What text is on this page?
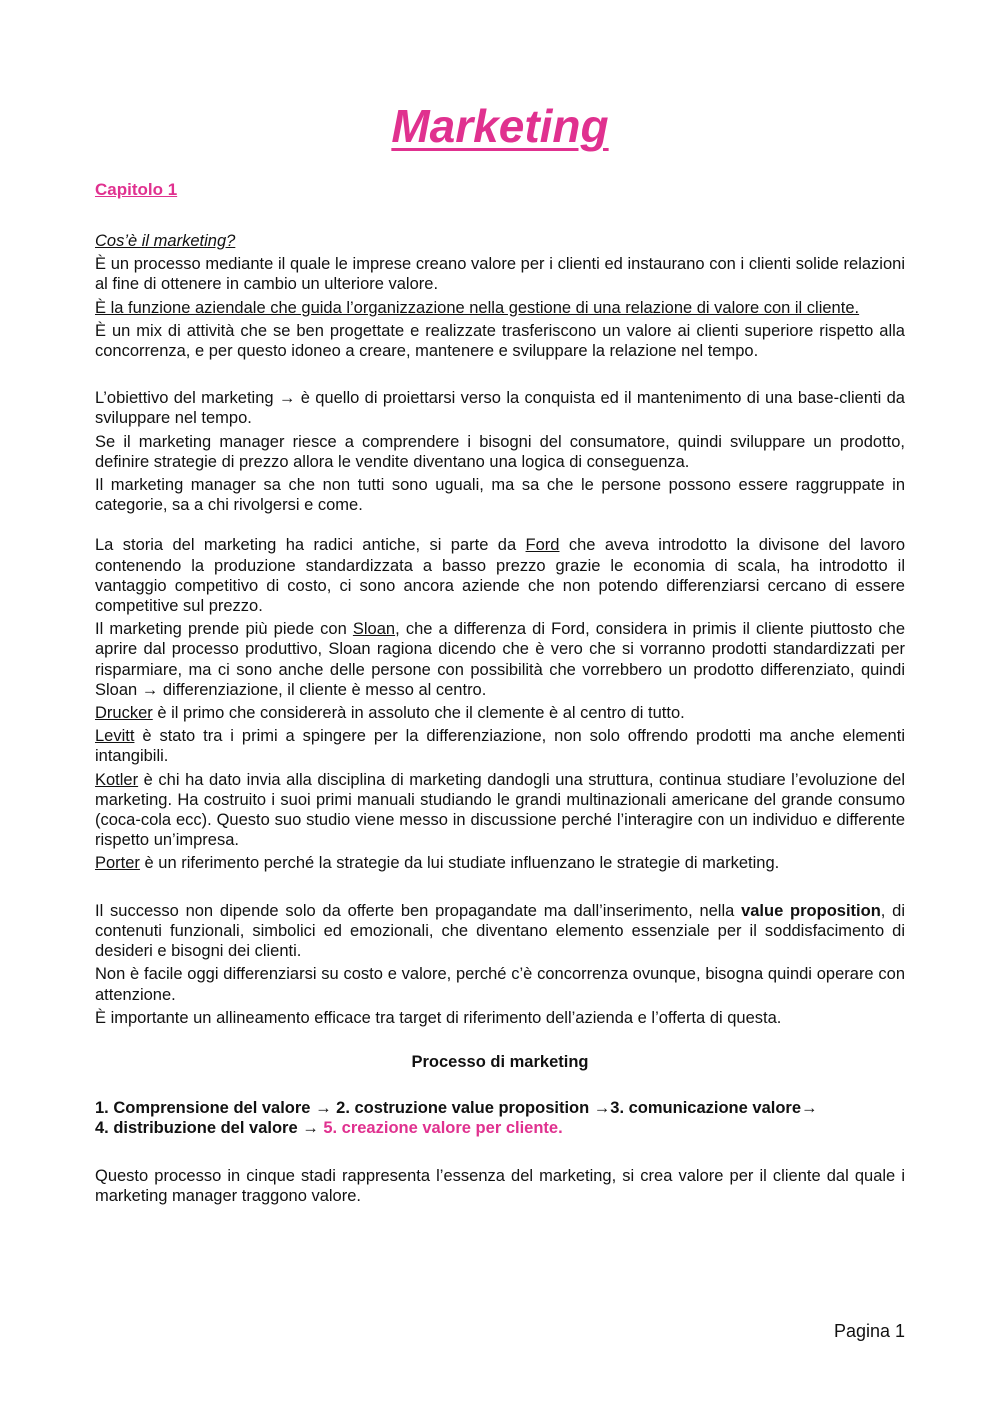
Marketing
Capitolo 1

Cos’è il marketing?

È un processo mediante il quale le imprese creano valore per i clienti ed instaurano con i clienti solide relazioni al fine di ottenere in cambio un ulteriore valore.

È la funzione aziendale che guida l’organizzazione nella gestione di una relazione di valore con il cliente.

È un mix di attività che se ben progettate e realizzate trasferiscono un valore ai clienti superiore rispetto alla concorrenza, e per questo idoneo a creare, mantenere e sviluppare la relazione nel tempo.

L’obiettivo del marketing → è quello di proiettarsi verso la conquista ed il mantenimento di una base-clienti da sviluppare nel tempo.

Se il marketing manager riesce a comprendere i bisogni del consumatore, quindi sviluppare un prodotto, definire strategie di prezzo allora le vendite diventano una logica di conseguenza.

Il marketing manager sa che non tutti sono uguali, ma sa che le persone possono essere raggruppate in categorie, sa a chi rivolgersi e come.

La storia del marketing ha radici antiche, si parte da Ford che aveva introdotto la divisone del lavoro contenendo la produzione standardizzata a basso prezzo grazie le economia di scala, ha introdotto il vantaggio competitivo di costo, ci sono ancora aziende che non potendo differenziarsi cercano di essere competitive sul prezzo.

Il marketing prende più piede con Sloan, che a differenza di Ford, considera in primis il cliente piuttosto che aprire dal processo produttivo, Sloan ragiona dicendo che è vero che si vorranno prodotti standardizzati per risparmiare, ma ci sono anche delle persone con possibilità che vorrebbero un prodotto differenziato, quindi Sloan → differenziazione, il cliente è messo al centro.

Drucker è il primo che considererà in assoluto che il clemente è al centro di tutto.

Levitt è stato tra i primi a spingere per la differenziazione, non solo offrendo prodotti ma anche elementi intangibili.

Kotler è chi ha dato invia alla disciplina di marketing dandogli una struttura, continua studiare l’evoluzione del marketing. Ha costruito i suoi primi manuali studiando le grandi multinazionali americane del grande consumo (coca-cola ecc). Questo suo studio viene messo in discussione perché l’interagire con un individuo e differente rispetto un’impresa.

Porter è un riferimento perché la strategie da lui studiate influenzano le strategie di marketing.

Il successo non dipende solo da offerte ben propagandate ma dall’inserimento, nella value proposition, di contenuti funzionali, simbolici ed emozionali, che diventano elemento essenziale per il soddisfacimento di desideri e bisogni dei clienti.

Non è facile oggi differenziarsi su costo e valore, perché c’è concorrenza ovunque, bisogna quindi operare con attenzione.

È importante un allineamento efficace tra target di riferimento dell’azienda e l’offerta di questa.

Processo di marketing

1. Comprensione del valore → 2. costruzione value proposition →3. comunicazione valore→
4. distribuzione del valore → 5. creazione valore per cliente.

Questo processo in cinque stadi rappresenta l’essenza del marketing, si crea valore per il cliente dal quale i marketing manager traggono valore.

Pagina 1
